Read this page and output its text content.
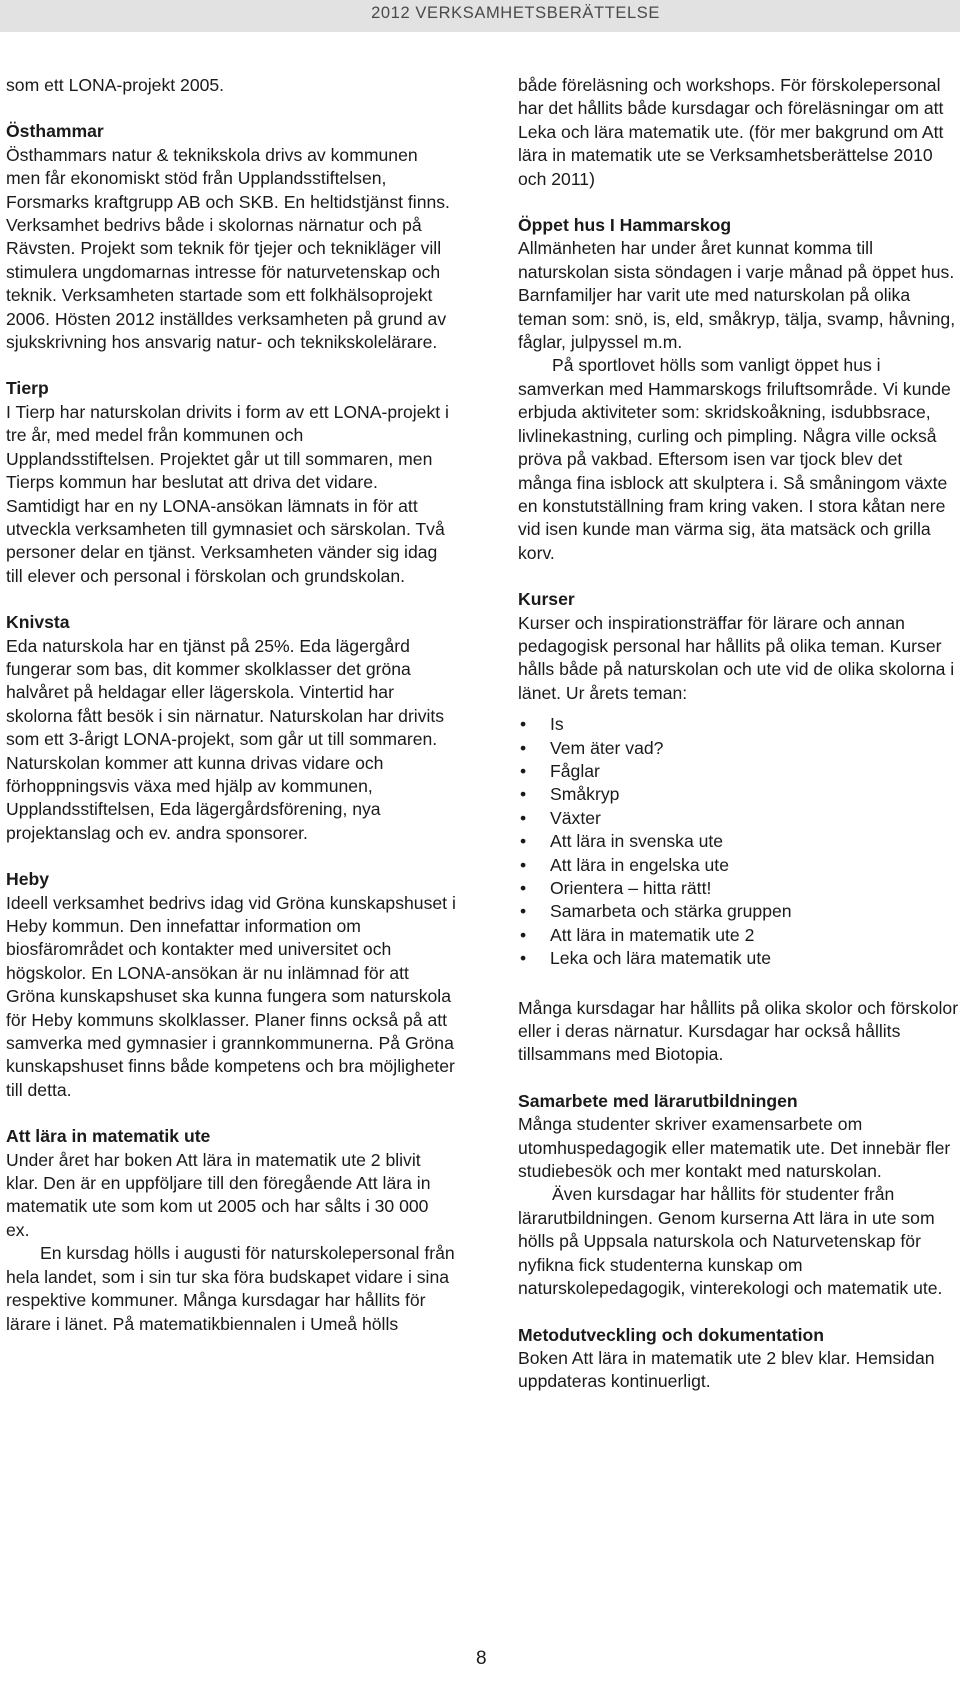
2012 VERKSAMHETSBERÄTTELSE

som ett LONA-projekt 2005.

Östhammar

Östhammars natur & teknikskola drivs av kommunen men får ekonomiskt stöd från Upplandsstiftelsen, Forsmarks kraftgrupp AB och SKB. En heltidstjänst finns. Verksamhet bedrivs både i skolornas närnatur och på Rävsten. Projekt som teknik för tjejer och teknikläger vill stimulera ungdomarnas intresse för naturvetenskap och teknik. Verksamheten startade som ett folkhälsoprojekt 2006. Hösten 2012 inställdes verksamheten på grund av sjukskrivning hos ansvarig natur- och teknikskolelärare.

Tierp

I Tierp har naturskolan drivits i form av ett LONA-projekt i tre år, med medel från kommunen och Upplandsstiftelsen. Projektet går ut till sommaren, men Tierps kommun har beslutat att driva det vidare. Samtidigt har en ny LONA-ansökan lämnats in för att utveckla verksamheten till gymnasiet och särskolan. Två personer delar en tjänst. Verksamheten vänder sig idag till elever och personal i förskolan och grundskolan.

Knivsta

Eda naturskola har en tjänst på 25%. Eda lägergård fungerar som bas, dit kommer skolklasser det gröna halvåret på heldagar eller lägerskola. Vintertid har skolorna fått besök i sin närnatur. Naturskolan har drivits som ett 3-årigt LONA-projekt, som går ut till sommaren. Naturskolan kommer att kunna drivas vidare och förhoppningsvis växa med hjälp av kommunen, Upplandsstiftelsen, Eda lägergårdsförening, nya projektanslag och ev. andra sponsorer.

Heby

Ideell verksamhet bedrivs idag vid Gröna kunskapshuset i Heby kommun. Den innefattar information om biosfärområdet och kontakter med universitet och högskolor. En LONA-ansökan är nu inlämnad för att Gröna kunskapshuset ska kunna fungera som naturskola för Heby kommuns skolklasser. Planer finns också på att samverka med gymnasier i grannkommunerna. På Gröna kunskapshuset finns både kompetens och bra möjligheter till detta.

Att lära in matematik ute

Under året har boken Att lära in matematik ute 2 blivit klar. Den är en uppföljare till den föregående Att lära in matematik ute som kom ut 2005 och har sålts i 30 000 ex.

En kursdag hölls i augusti för naturskolepersonal från hela landet, som i sin tur ska föra budskapet vidare i sina respektive kommuner. Många kursdagar har hållits för lärare i länet. På matematikbiennalen i Umeå hölls

både föreläsning och workshops. För förskolepersonal har det hållits både kursdagar och föreläsningar om att Leka och lära matematik ute. (för mer bakgrund om Att lära in matematik ute se Verksamhetsberättelse 2010 och 2011)

Öppet hus I Hammarskog

Allmänheten har under året kunnat komma till naturskolan sista söndagen i varje månad på öppet hus. Barnfamiljer har varit ute med naturskolan på olika teman som: snö, is, eld, småkryp, tälja, svamp, håvning, fåglar, julpyssel m.m.

På sportlovet hölls som vanligt öppet hus i samverkan med Hammarskogs friluftsområde. Vi kunde erbjuda aktiviteter som: skridskoåkning, isdubbsrace, livlinekastning, curling och pimpling. Några ville också pröva på vakbad. Eftersom isen var tjock blev det många fina isblock att skulptera i. Så småningom växte en konstutställning fram kring vaken. I stora kåtan nere vid isen kunde man värma sig, äta matsäck och grilla korv.

Kurser

Kurser och inspirationsträffar för lärare och annan pedagogisk personal har hållits på olika teman. Kurser hålls både på naturskolan och ute vid de olika skolorna i länet. Ur årets teman:

• Is
• Vem äter vad?
• Fåglar
• Småkryp
• Växter
• Att lära in svenska ute
• Att lära in engelska ute
• Orientera – hitta rätt!
• Samarbeta och stärka gruppen
• Att lära in matematik ute 2
• Leka och lära matematik ute

Många kursdagar har hållits på olika skolor och förskolor eller i deras närnatur. Kursdagar har också hållits tillsammans med Biotopia.

Samarbete med lärarutbildningen

Många studenter skriver examensarbete om utomhuspedagogik eller matematik ute. Det innebär fler studiebesök och mer kontakt med naturskolan.

Även kursdagar har hållits för studenter från lärarutbildningen. Genom kurserna Att lära in ute som hölls på Uppsala naturskola och Naturvetenskap för nyfikna fick studenterna kunskap om naturskolepedagogik, vinterekologi och matematik ute.

Metodutveckling och dokumentation

Boken Att lära in matematik ute 2 blev klar. Hemsidan uppdateras kontinuerligt.

8
